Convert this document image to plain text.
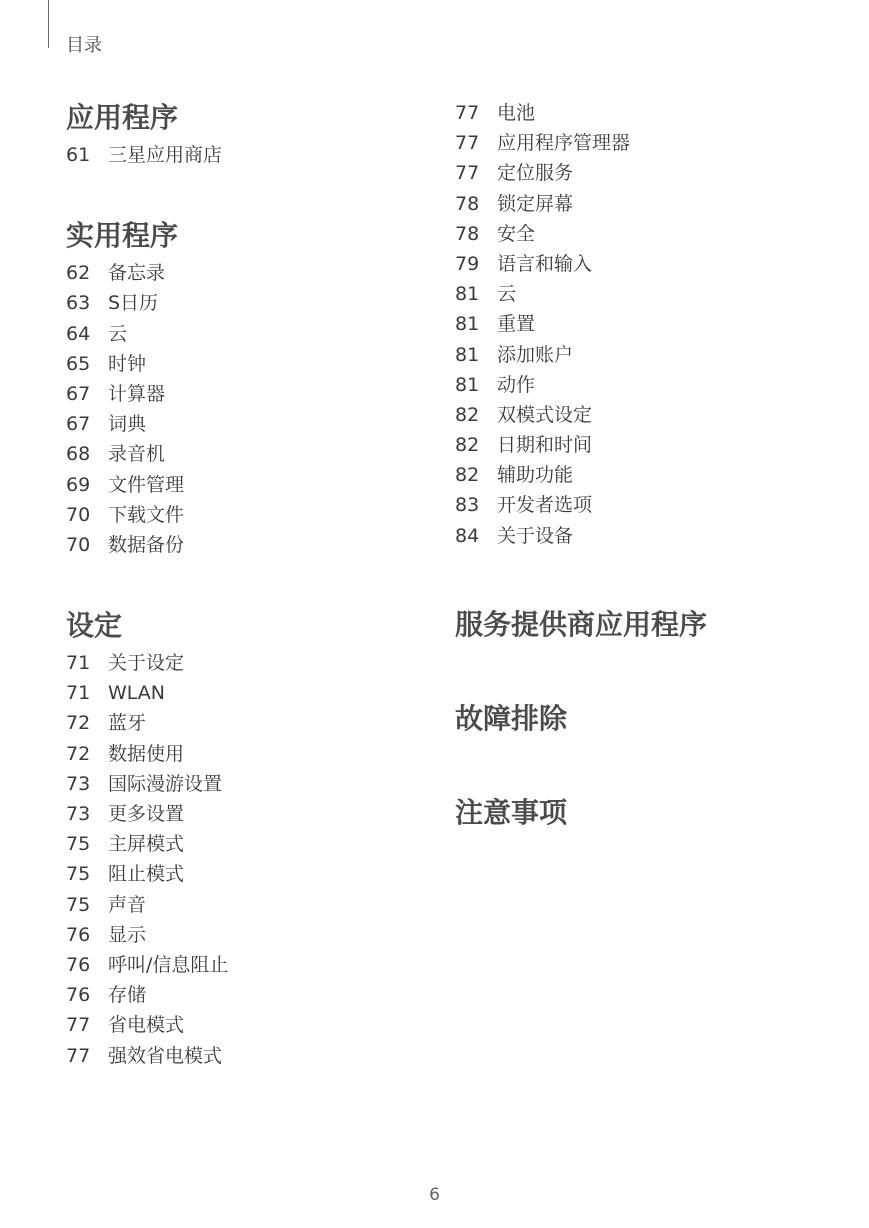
目录
应用程序
61 三星应用商店
实用程序
62 备忘录
63 S日历
64 云
65 时钟
67 计算器
67 词典
68 录音机
69 文件管理
70 下载文件
70 数据备份
设定
71 关于设定
71 WLAN
72 蓝牙
72 数据使用
73 国际漫游设置
73 更多设置
75 主屏模式
75 阻止模式
75 声音
76 显示
76 呼叫/信息阻止
76 存储
77 省电模式
77 强效省电模式
77 电池
77 应用程序管理器
77 定位服务
78 锁定屏幕
78 安全
79 语言和输入
81 云
81 重置
81 添加账户
81 动作
82 双模式设定
82 日期和时间
82 辅助功能
83 开发者选项
84 关于设备
服务提供商应用程序
故障排除
注意事项
6
